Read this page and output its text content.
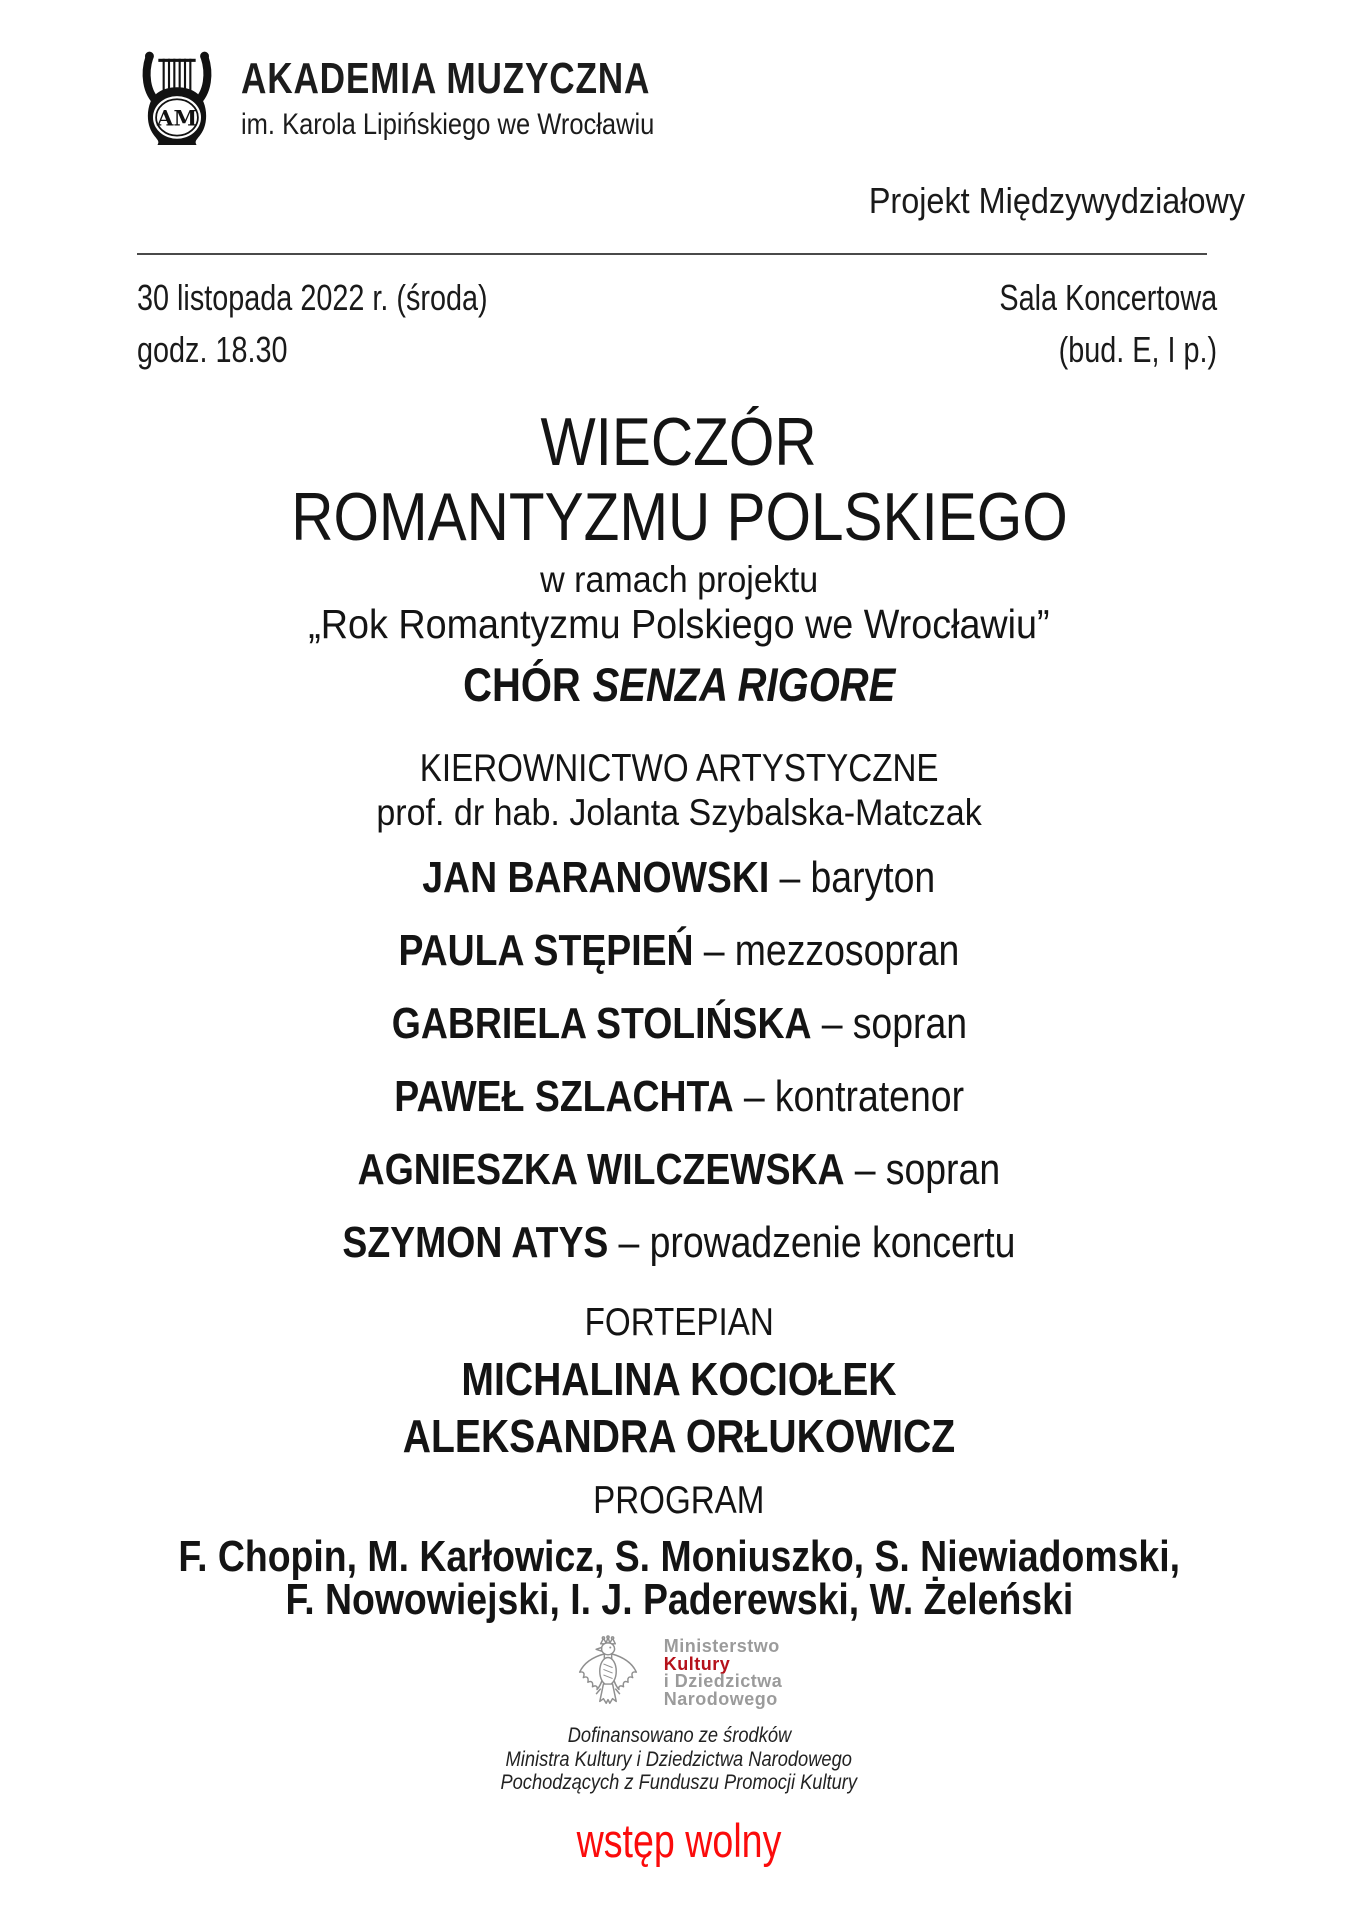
AM
AKADEMIA MUZYCZNA
im. Karola Lipińskiego we Wrocławiu
Projekt Międzywydziałowy
30 listopada 2022 r. (środa)
godz. 18.30
Sala Koncertowa
(bud. E, I p.)
WIECZÓR
ROMANTYZMU POLSKIEGO
w ramach projektu
„Rok Romantyzmu Polskiego we Wrocławiu”
CHÓR SENZA RIGORE
KIEROWNICTWO ARTYSTYCZNE
prof. dr hab. Jolanta Szybalska-Matczak
JAN BARANOWSKI – baryton
PAULA STĘPIEŃ – mezzosopran
GABRIELA STOLIŃSKA – sopran
PAWEŁ SZLACHTA – kontratenor
AGNIESZKA WILCZEWSKA – sopran
SZYMON ATYS – prowadzenie koncertu
FORTEPIAN
MICHALINA KOCIOŁEK
ALEKSANDRA ORŁUKOWICZ
PROGRAM
F. Chopin, M. Karłowicz, S. Moniuszko, S. Niewiadomski,
F. Nowowiejski, I. J. Paderewski, W. Żeleński
Ministerstwo
Kultury
i Dziedzictwa
Narodowego
Dofinansowano ze środków
Ministra Kultury i Dziedzictwa Narodowego
Pochodzących z Funduszu Promocji Kultury
wstęp wolny
